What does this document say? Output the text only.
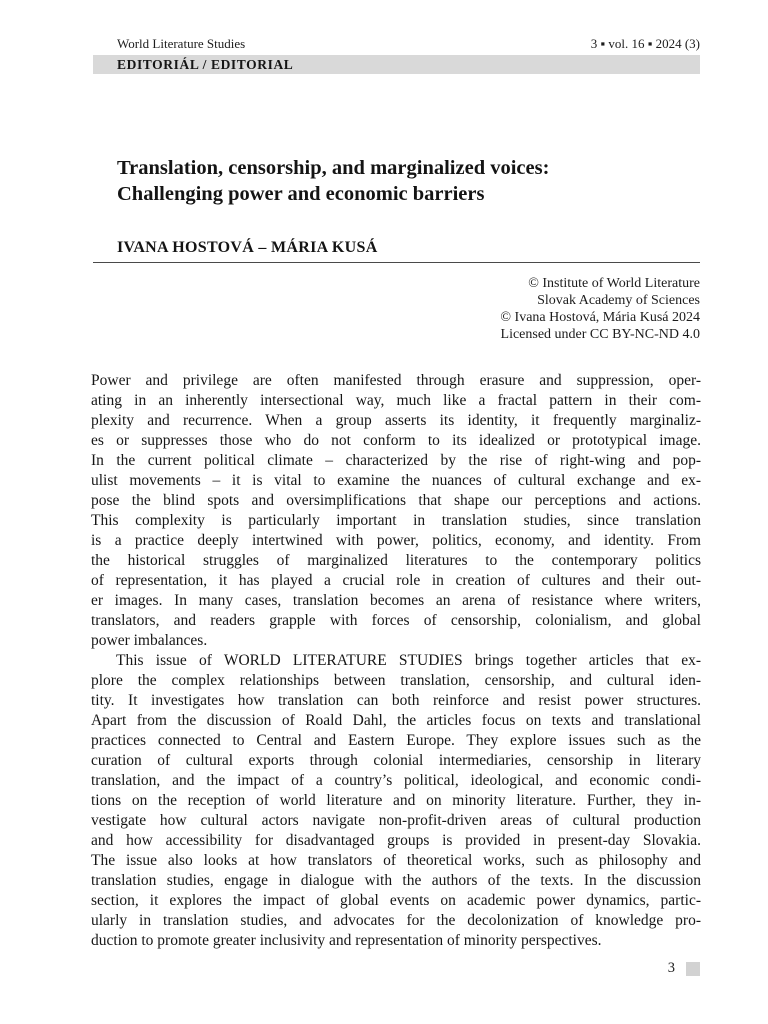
World Literature Studies	3 ▪ vol. 16 ▪ 2024 (3)
EDITORIÁL / EDITORIAL
Translation, censorship, and marginalized voices:
Challenging power and economic barriers
IVANA HOSTOVÁ – MÁRIA KUSÁ
© Institute of World Literature
Slovak Academy of Sciences
© Ivana Hostová, Mária Kusá 2024
Licensed under CC BY-NC-ND 4.0
Power and privilege are often manifested through erasure and suppression, oper-
ating in an inherently intersectional way, much like a fractal pattern in their com-
plexity and recurrence. When a group asserts its identity, it frequently marginaliz-
es or suppresses those who do not conform to its idealized or prototypical image.
In the current political climate – characterized by the rise of right-wing and pop-
ulist movements – it is vital to examine the nuances of cultural exchange and ex-
pose the blind spots and oversimplifications that shape our perceptions and actions.
This complexity is particularly important in translation studies, since translation
is a practice deeply intertwined with power, politics, economy, and identity. From
the historical struggles of marginalized literatures to the contemporary politics
of representation, it has played a crucial role in creation of cultures and their out-
er images. In many cases, translation becomes an arena of resistance where writers,
translators, and readers grapple with forces of censorship, colonialism, and global
power imbalances.
This issue of WORLD LITERATURE STUDIES brings together articles that ex-
plore the complex relationships between translation, censorship, and cultural iden-
tity. It investigates how translation can both reinforce and resist power structures.
Apart from the discussion of Roald Dahl, the articles focus on texts and translational
practices connected to Central and Eastern Europe. They explore issues such as the
curation of cultural exports through colonial intermediaries, censorship in literary
translation, and the impact of a country’s political, ideological, and economic condi-
tions on the reception of world literature and on minority literature. Further, they in-
vestigate how cultural actors navigate non-profit-driven areas of cultural production
and how accessibility for disadvantaged groups is provided in present-day Slovakia.
The issue also looks at how translators of theoretical works, such as philosophy and
translation studies, engage in dialogue with the authors of the texts. In the discussion
section, it explores the impact of global events on academic power dynamics, partic-
ularly in translation studies, and advocates for the decolonization of knowledge pro-
duction to promote greater inclusivity and representation of minority perspectives.
3
